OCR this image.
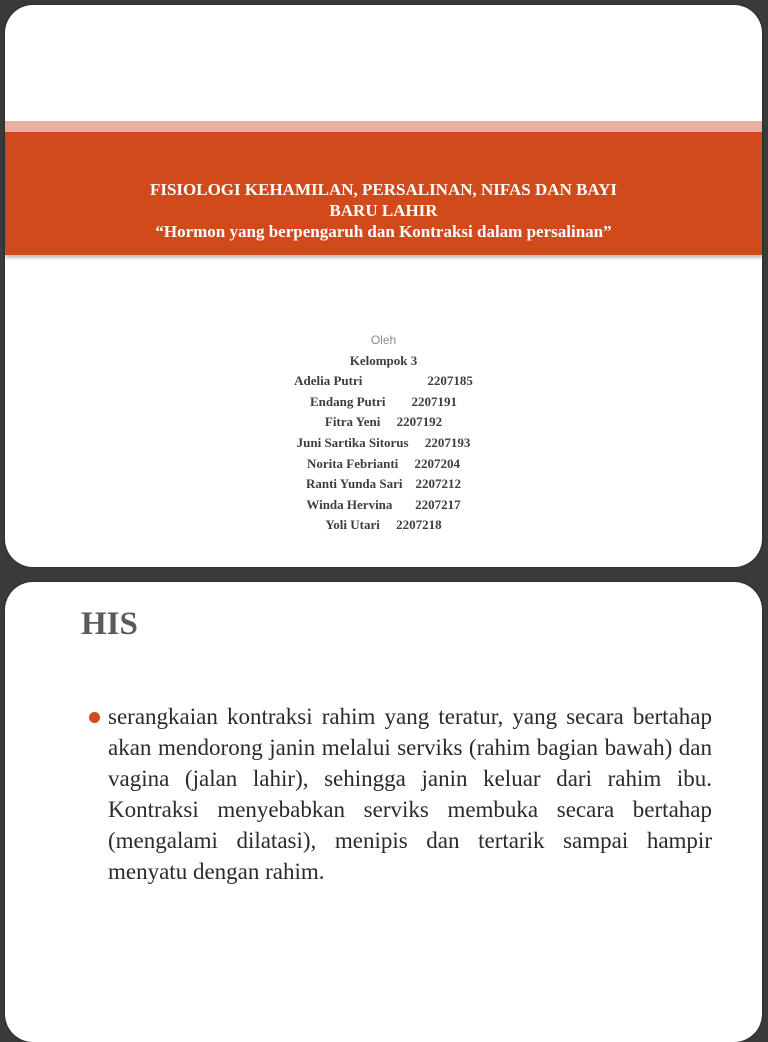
FISIOLOGI KEHAMILAN, PERSALINAN, NIFAS DAN BAYI
BARU LAHIR
“Hormon yang berpengaruh dan Kontraksi dalam persalinan”
Oleh
Kelompok 3
Adelia Putri                    2207185
Endang Putri        2207191
Fitra Yeni     2207192
Juni Sartika Sitorus     2207193
Norita Febrianti     2207204
Ranti Yunda Sari    2207212
Winda Hervina       2207217
Yoli Utari     2207218
HIS

serangkaian kontraksi rahim yang teratur, yang secara bertahap akan mendorong janin melalui serviks (rahim bagian bawah) dan vagina (jalan lahir), sehingga janin keluar dari rahim ibu. Kontraksi menyebabkan serviks membuka secara bertahap (mengalami dilatasi), menipis dan tertarik sampai hampir menyatu dengan rahim.
